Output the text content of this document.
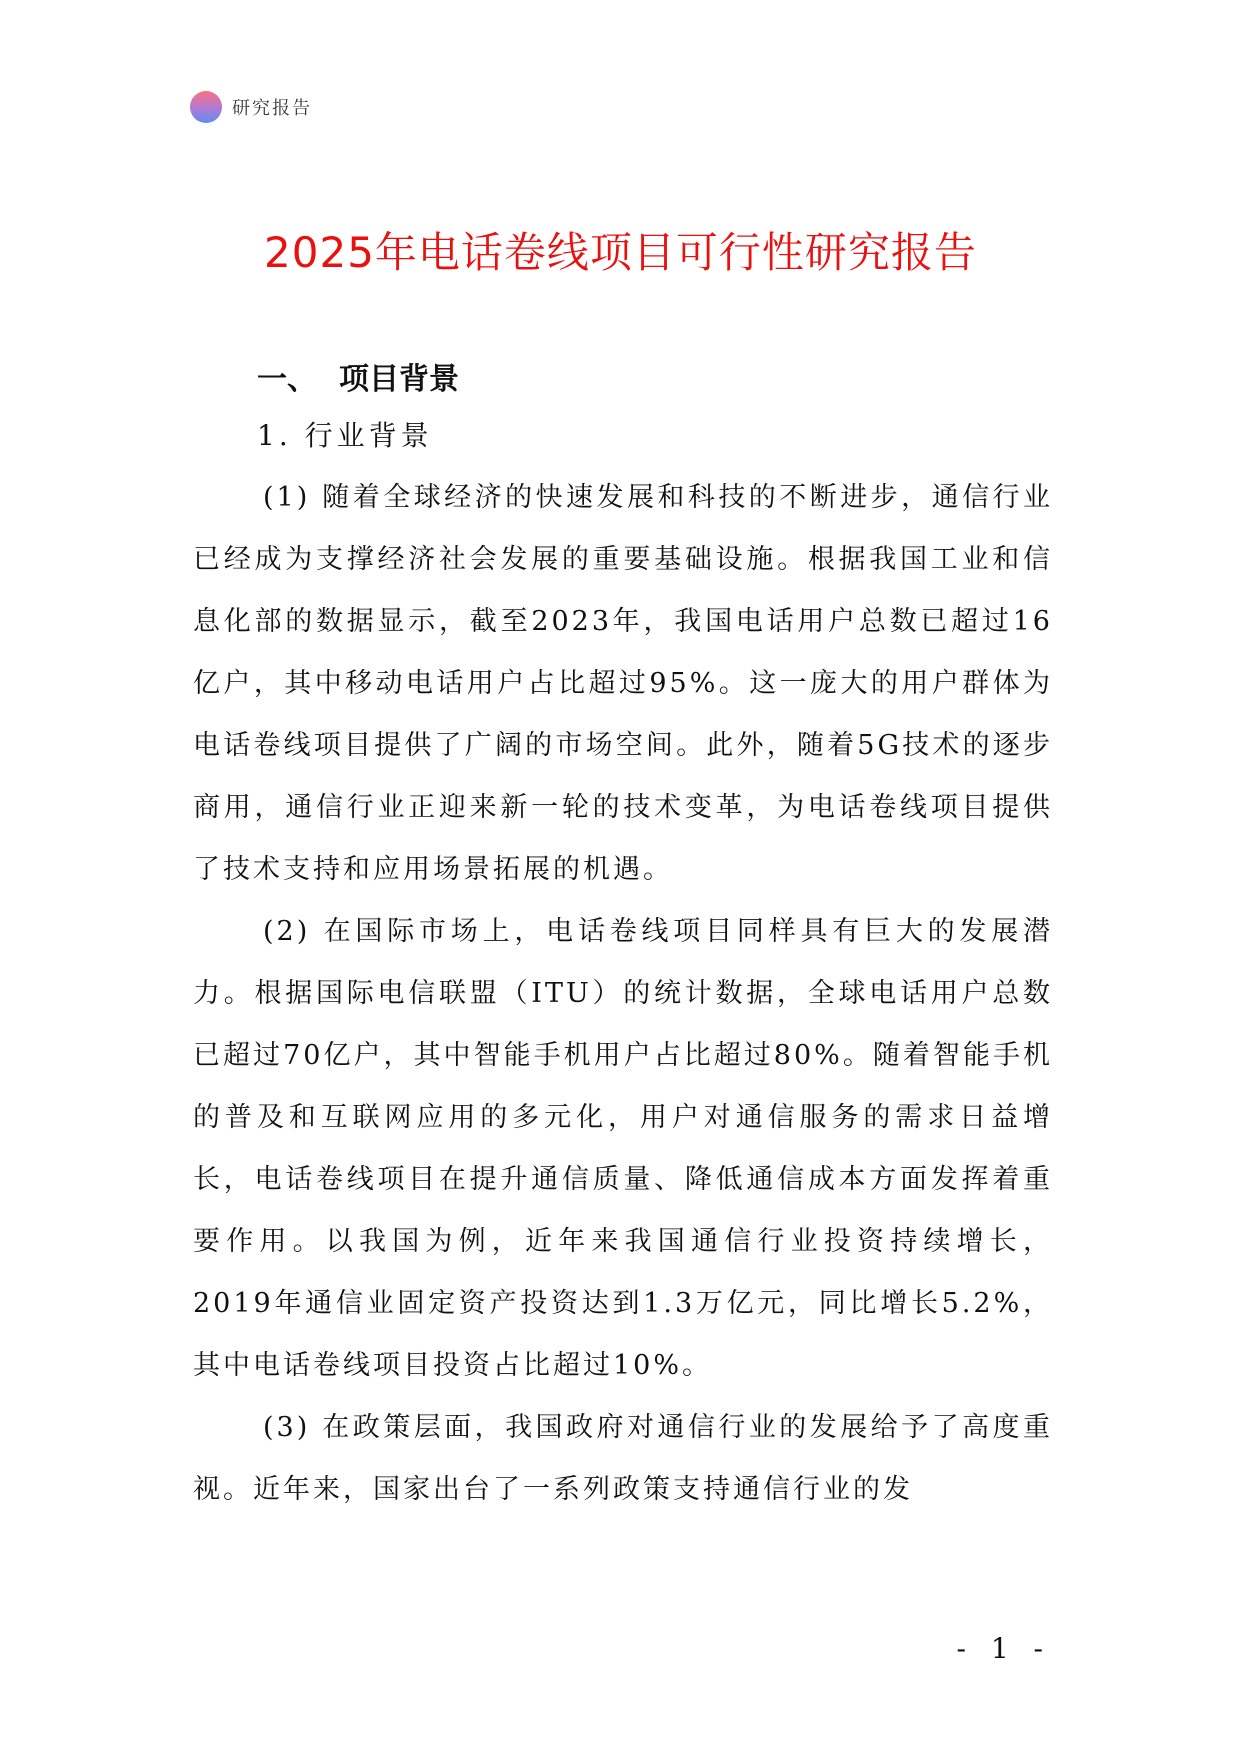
研究报告
2025年电话卷线项目可行性研究报告
一、 项目背景
1. 行业背景

(1) 随着全球经济的快速发展和科技的不断进步，通信行业已经成为支撑经济社会发展的重要基础设施。根据我国工业和信息化部的数据显示，截至2023年，我国电话用户总数已超过16亿户，其中移动电话用户占比超过95%。这一庞大的用户群体为电话卷线项目提供了广阔的市场空间。此外，随着5G技术的逐步商用，通信行业正迎来新一轮的技术变革，为电话卷线项目提供了技术支持和应用场景拓展的机遇。

(2) 在国际市场上，电话卷线项目同样具有巨大的发展潜力。根据国际电信联盟（ITU）的统计数据，全球电话用户总数已超过70亿户，其中智能手机用户占比超过80%。随着智能手机的普及和互联网应用的多元化，用户对通信服务的需求日益增长，电话卷线项目在提升通信质量、降低通信成本方面发挥着重要作用。以我国为例，近年来我国通信行业投资持续增长，2019年通信业固定资产投资达到1.3万亿元，同比增长5.2%，其中电话卷线项目投资占比超过10%。

(3) 在政策层面，我国政府对通信行业的发展给予了高度重视。近年来，国家出台了一系列政策支持通信行业的发

- 1 -
